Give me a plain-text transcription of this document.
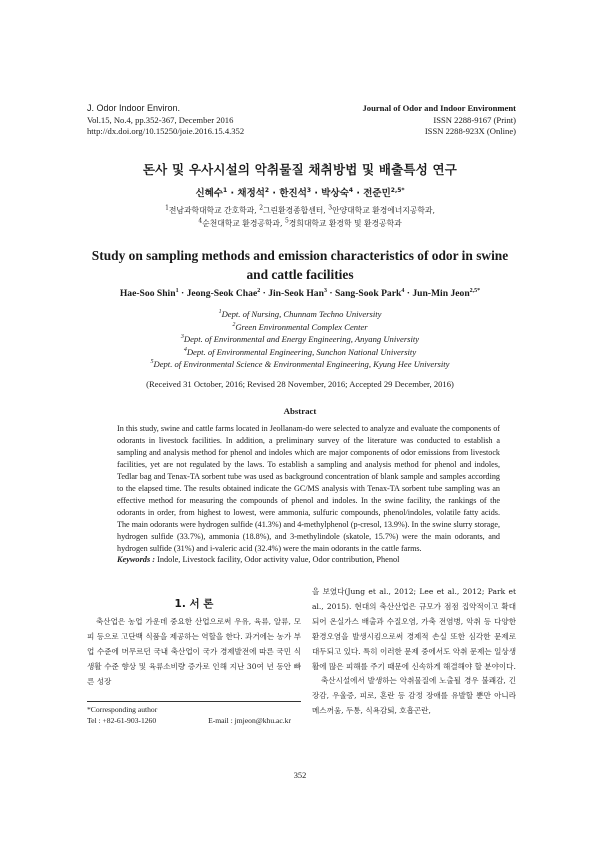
J. Odor Indoor Environ.
Vol.15, No.4, pp.352-367, December 2016
http://dx.doi.org/10.15250/joie.2016.15.4.352
Journal of Odor and Indoor Environment
ISSN 2288-9167 (Print)
ISSN 2288-923X (Online)
돈사 및 우사시설의 악취물질 채취방법 및 배출특성 연구
신혜수$^1$ · 채정석$^2$ · 한진석$^3$ · 박상숙$^4$ · 전준민$^{2,5*}$
$^1$전남과학대학교 간호학과, $^2$그린환경종합센터, $^3$안양대학교 환경에너지공학과,
$^4$순천대학교 환경공학과, $^5$경희대학교 환경학 및 환경공학과
Study on sampling methods and emission characteristics of odor in swine and cattle facilities
Hae-Soo Shin$^1$ · Jeong-Seok Chae$^2$ · Jin-Seok Han$^3$ · Sang-Sook Park$^4$ · Jun-Min Jeon$^{2,5*}$
$^1$Dept. of Nursing, Chunnam Techno University
$^2$Green Environmental Complex Center
$^3$Dept. of Environmental and Energy Engineering, Anyang University
$^4$Dept. of Environmental Engineering, Sunchon National University
$^5$Dept. of Environmental Science & Environmental Engineering, Kyung Hee University
(Received 31 October, 2016; Revised 28 November, 2016; Accepted 29 December, 2016)
Abstract
In this study, swine and cattle farms located in Jeollanam-do were selected to analyze and evaluate the components of odorants in livestock facilities. In addition, a preliminary survey of the literature was conducted to establish a sampling and analysis method for phenol and indoles which are major components of odor emissions from livestock facilities, yet are not regulated by the laws. To establish a sampling and analysis method for phenol and indoles, Tedlar bag and Tenax-TA sorbent tube was used as background concentration of blank sample and samples according to the elapsed time. The results obtained indicate the GC/MS analysis with Tenax-TA sorbent tube sampling was an effective method for measuring the compounds of phenol and indoles. In the swine facility, the rankings of the odorants in order, from highest to lowest, were ammonia, sulfuric compounds, phenol/indoles, volatile fatty acids. The main odorants were hydrogen sulfide (41.3%) and 4-methylphenol (p-cresol, 13.9%). In the swine slurry storage, hydrogen sulfide (33.7%), ammonia (18.8%), and 3-methylindole (skatole, 15.7%) were the main odorants, and hydrogen sulfide (31%) and i-valeric acid (32.4%) were the main odorants in the cattle farms.
Keywords : Indole, Livestock facility, Odor activity value, Odor contribution, Phenol
1. 서 론

축산업은 농업 가운데 중요한 산업으로써 우유, 육류, 알류, 모피 등으로 고단백 식품을 제공하는 역할을 한다. 과거에는 농가 부업 수준에 머무르던 국내 축산업이 국가 경제발전에 따른 국민 식생활 수준 향상 및 육류소비량 증가로 인해 지난 30여 년 동안 빠른 성장

을 보였다(Jung et al., 2012; Lee et al., 2012; Park et al., 2015). 현대의 축산산업은 규모가 점점 집약적이고 확대되어 온실가스 배출과 수질오염, 가축 전염병, 악취 등 다양한 환경오염을 발생시킴으로써 경제적 손실 또한 심각한 문제로 대두되고 있다. 특히 이러한 문제 중에서도 악취 문제는 일상생활에 많은 피해를 주기 때문에 신속하게 해결해야 할 분야이다.

축산시설에서 발생하는 악취물질에 노출될 경우 불쾌감, 긴장감, 우울증, 피로, 혼란 등 감정 장애를 유발할 뿐만 아니라 메스꺼움, 두통, 식욕감퇴, 호흡곤란,

*Corresponding author
Tel : +82-61-903-1260	E-mail : jmjeon@khu.ac.kr
352
